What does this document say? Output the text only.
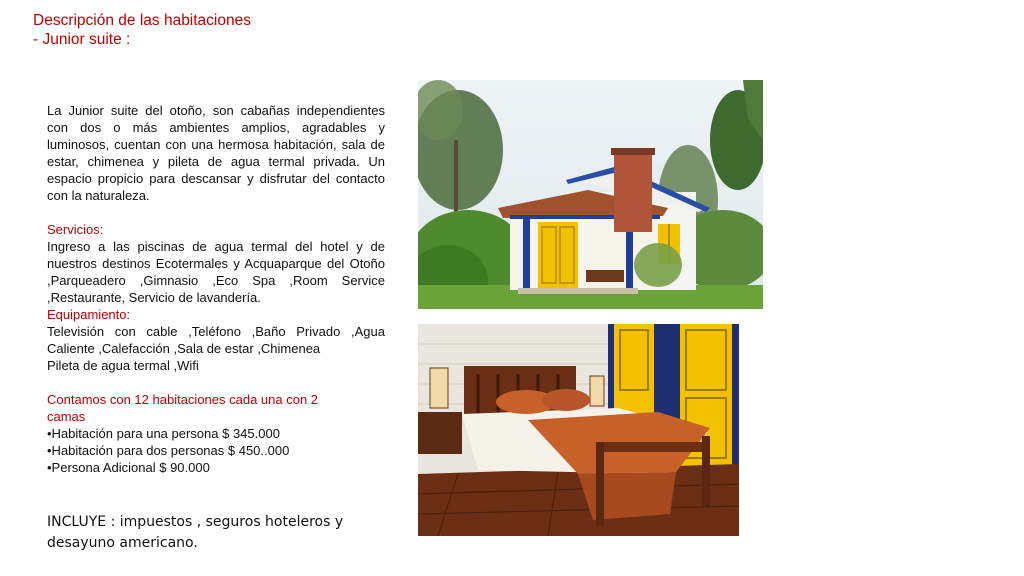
Descripción de las habitaciones
- Junior suite :

La Junior suite del otoño, son cabañas independientes con dos o más ambientes amplios, agradables y luminosos, cuentan con una hermosa habitación, sala de estar, chimenea y pileta de agua termal privada. Un espacio propicio para descansar y disfrutar del contacto con la naturaleza.

Servicios:

Ingreso a las piscinas de agua termal del hotel y de nuestros destinos Ecotermales y Acquaparque del Otoño ,Parqueadero ,Gimnasio ,Eco Spa ,Room Service ,Restaurante, Servicio de lavandería.

Equipamiento:

Televisión con cable ,Teléfono ,Baño Privado ,Agua Caliente ,Calefacción ,Sala de estar ,Chimenea

Pileta de agua termal ,Wifi
Contamos con 12 habitaciones cada una con 2 camas
•Habitación para una persona $ 345.000
•Habitación para dos personas $ 450..000
•Persona Adicional $ 90.000
INCLUYE : impuestos , seguros hoteleros y desayuno americano.
